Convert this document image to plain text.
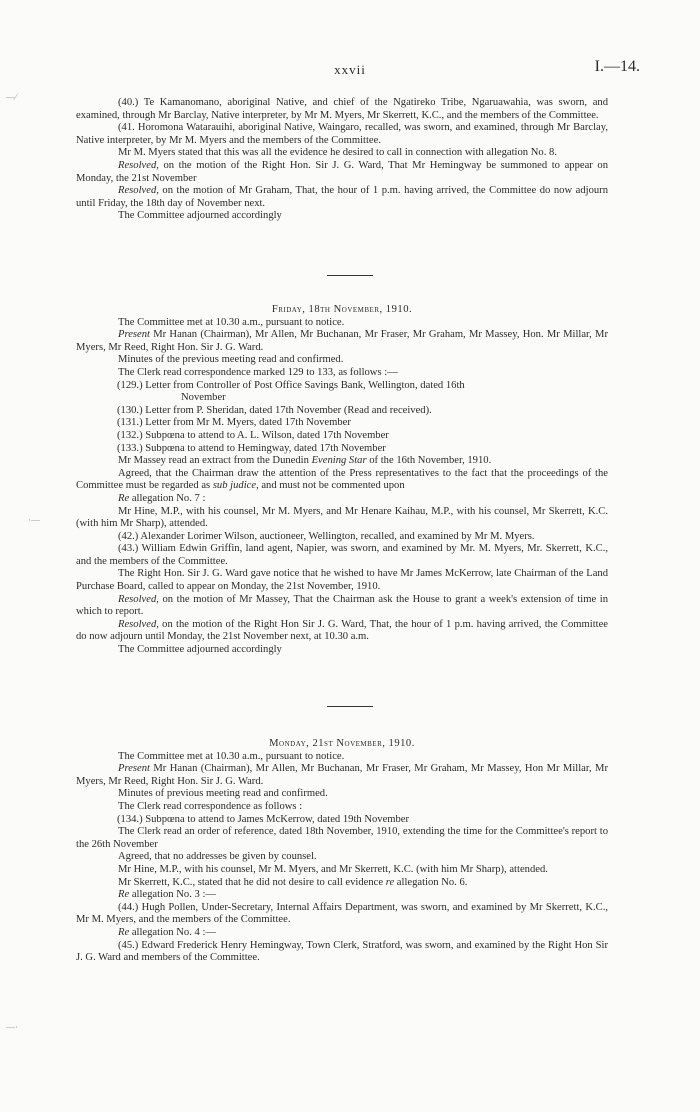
xxvii	I.—14.
—⁄
·—
—·

(40.) Te Kamanomano, aboriginal Native, and chief of the Ngatireko Tribe, Ngaruawahia, was sworn, and examined, through Mr Barclay, Native interpreter, by Mr M. Myers, Mr Skerrett, K.C., and the members of the Committee.

(41. Horomona Watarauihi, aboriginal Native, Waingaro, recalled, was sworn, and examined, through Mr Barclay, Native interpreter, by Mr M. Myers and the members of the Committee.

Mr M. Myers stated that this was all the evidence he desired to call in connection with allegation No. 8.

Resolved, on the motion of the Right Hon. Sir J. G. Ward, That Mr Hemingway be summoned to appear on Monday, the 21st November

Resolved, on the motion of Mr Graham, That, the hour of 1 p.m. having arrived, the Committee do now adjourn until Friday, the 18th day of November next.

The Committee adjourned accordingly

Friday, 18th November, 1910.

The Committee met at 10.30 a.m., pursuant to notice.

Present Mr Hanan (Chairman), Mr Allen, Mr Buchanan, Mr Fraser, Mr Graham, Mr Massey, Hon. Mr Millar, Mr Myers, Mr Reed, Right Hon. Sir J. G. Ward.

Minutes of the previous meeting read and confirmed.

The Clerk read correspondence marked 129 to 133, as follows :—

(129.) Letter from Controller of Post Office Savings Bank, Wellington, dated 16th

November

(130.) Letter from P. Sheridan, dated 17th November (Read and received).

(131.) Letter from Mr M. Myers, dated 17th November

(132.) Subpœna to attend to A. L. Wilson, dated 17th November

(133.) Subpœna to attend to Hemingway, dated 17th November

Mr Massey read an extract from the Dunedin Evening Star of the 16th November, 1910.

Agreed, that the Chairman draw the attention of the Press representatives to the fact that the proceedings of the Committee must be regarded as sub judice, and must not be commented upon

Re allegation No. 7 :

Mr Hine, M.P., with his counsel, Mr M. Myers, and Mr Henare Kaihau, M.P., with his counsel, Mr Skerrett, K.C. (with him Mr Sharp), attended.

(42.) Alexander Lorimer Wilson, auctioneer, Wellington, recalled, and examined by Mr M. Myers.

(43.) William Edwin Griffin, land agent, Napier, was sworn, and examined by Mr. M. Myers, Mr. Skerrett, K.C., and the members of the Committee.

The Right Hon. Sir J. G. Ward gave notice that he wished to have Mr James McKerrow, late Chairman of the Land Purchase Board, called to appear on Monday, the 21st November, 1910.

Resolved, on the motion of Mr Massey, That the Chairman ask the House to grant a week's extension of time in which to report.

Resolved, on the motion of the Right Hon Sir J. G. Ward, That, the hour of 1 p.m. having arrived, the Committee do now adjourn until Monday, the 21st November next, at 10.30 a.m.

The Committee adjourned accordingly

Monday, 21st November, 1910.

The Committee met at 10.30 a.m., pursuant to notice.

Present Mr Hanan (Chairman), Mr Allen, Mr Buchanan, Mr Fraser, Mr Graham, Mr Massey, Hon Mr Millar, Mr Myers, Mr Reed, Right Hon. Sir J. G. Ward.

Minutes of previous meeting read and confirmed.

The Clerk read correspondence as follows :

(134.) Subpœna to attend to James McKerrow, dated 19th November

The Clerk read an order of reference, dated 18th November, 1910, extending the time for the Committee's report to the 26th November

Agreed, that no addresses be given by counsel.

Mr Hine, M.P., with his counsel, Mr M. Myers, and Mr Skerrett, K.C. (with him Mr Sharp), attended.

Mr Skerrett, K.C., stated that he did not desire to call evidence re allegation No. 6.

Re allegation No. 3 :—

(44.) Hugh Pollen, Under-Secretary, Internal Affairs Department, was sworn, and examined by Mr Skerrett, K.C., Mr M. Myers, and the members of the Committee.

Re allegation No. 4 :—

(45.) Edward Frederick Henry Hemingway, Town Clerk, Stratford, was sworn, and examined by the Right Hon Sir J. G. Ward and members of the Committee.
